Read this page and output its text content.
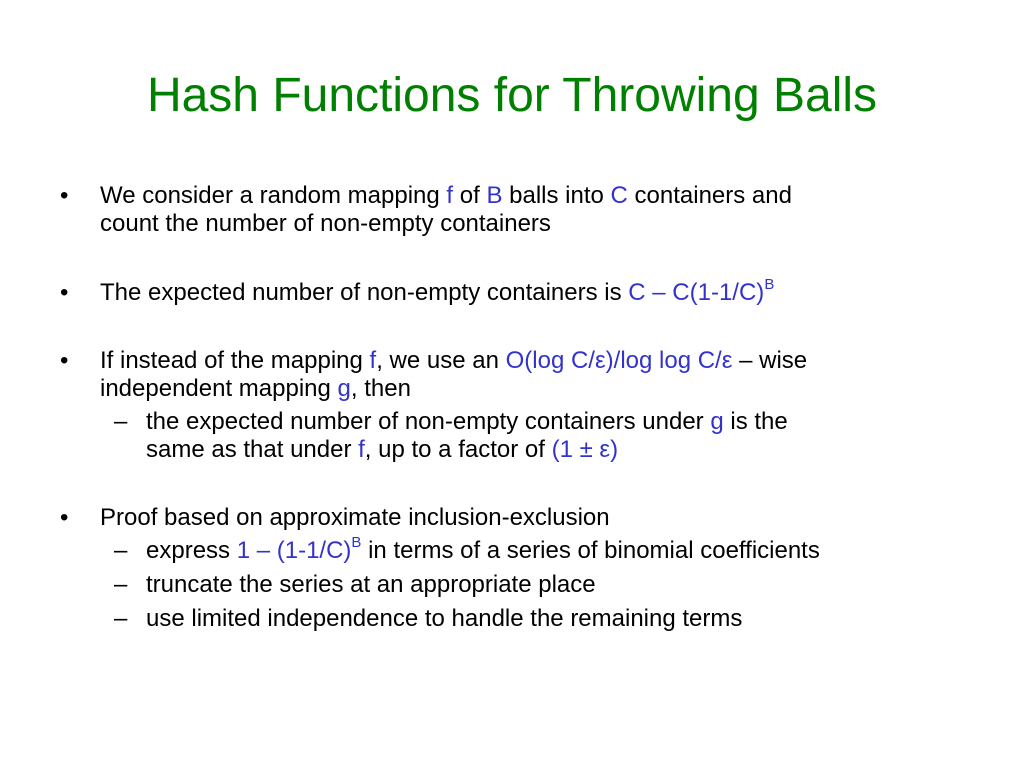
Hash Functions for Throwing Balls
• We consider a random mapping f of B balls into C containers and
count the number of non-empty containers
• The expected number of non-empty containers is C – $C(1-1/C)^B$
• If instead of the mapping f, we use an O(log C/ε)/log log C/ε – wise
independent mapping g, then
– the expected number of non-empty containers under g is the
same as that under f, up to a factor of (1 ± ε)
• Proof based on approximate inclusion-exclusion
– express $1 - (1-1/C)^B$ in terms of a series of binomial coefficients
– truncate the series at an appropriate place
– use limited independence to handle the remaining terms
